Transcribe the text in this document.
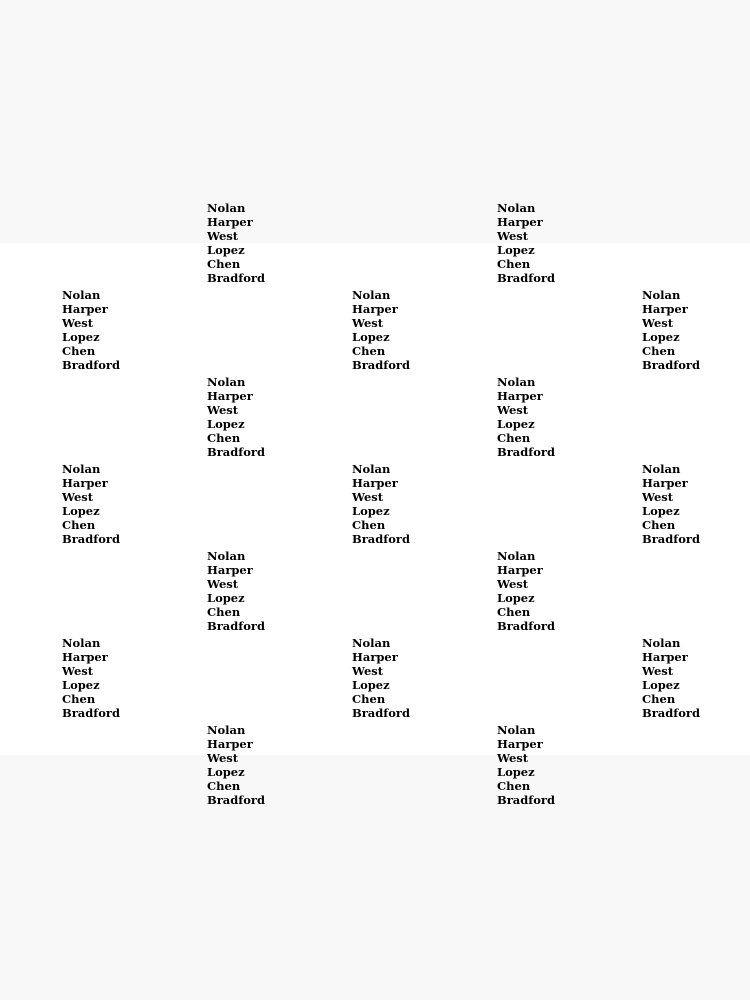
Nolan
Harper
West
Lopez
Chen
Bradford
Nolan
Harper
West
Lopez
Chen
Bradford
Nolan
Harper
West
Lopez
Chen
Bradford
Nolan
Harper
West
Lopez
Chen
Bradford
Nolan
Harper
West
Lopez
Chen
Bradford
Nolan
Harper
West
Lopez
Chen
Bradford
Nolan
Harper
West
Lopez
Chen
Bradford
Nolan
Harper
West
Lopez
Chen
Bradford
Nolan
Harper
West
Lopez
Chen
Bradford
Nolan
Harper
West
Lopez
Chen
Bradford
Nolan
Harper
West
Lopez
Chen
Bradford
Nolan
Harper
West
Lopez
Chen
Bradford
Nolan
Harper
West
Lopez
Chen
Bradford
Nolan
Harper
West
Lopez
Chen
Bradford
Nolan
Harper
West
Lopez
Chen
Bradford
Nolan
Harper
West
Lopez
Chen
Bradford
Nolan
Harper
West
Lopez
Chen
Bradford
